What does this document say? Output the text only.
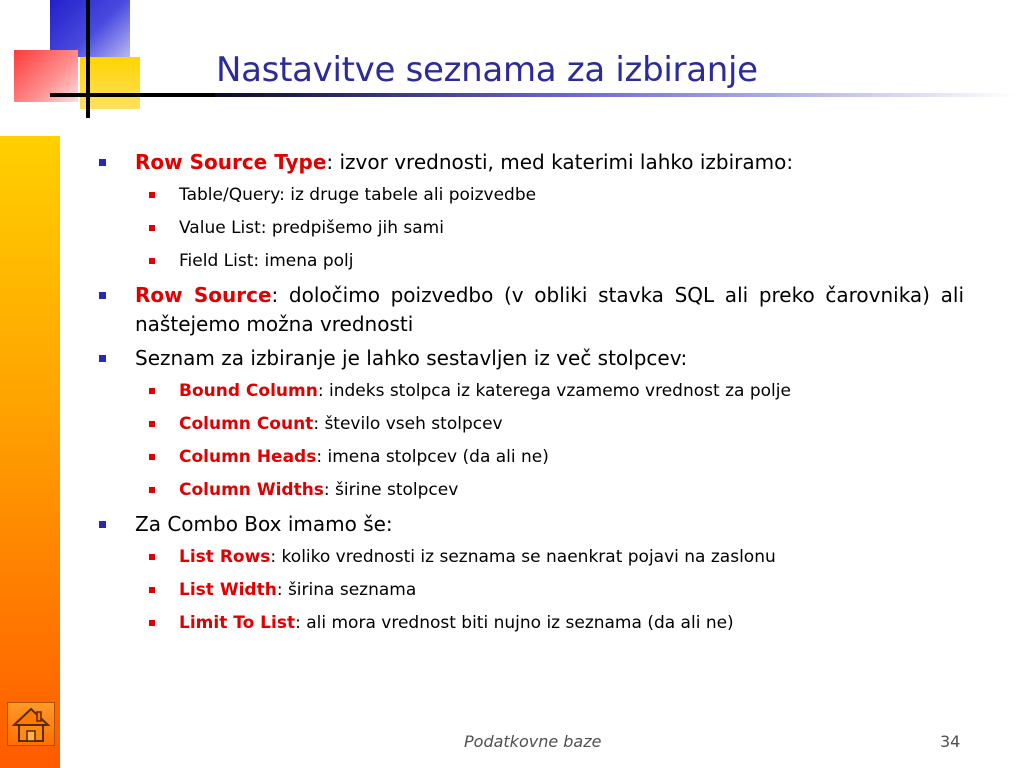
Nastavitve seznama za izbiranje
Row Source Type: izvor vrednosti, med katerimi lahko izbiramo:
Table/Query: iz druge tabele ali poizvedbe
Value List: predpišemo jih sami
Field List: imena polj
Row Source: določimo poizvedbo (v obliki stavka SQL ali preko čarovnika) ali naštejemo možna vrednosti
Seznam za izbiranje je lahko sestavljen iz več stolpcev:
Bound Column: indeks stolpca iz katerega vzamemo vrednost za polje
Column Count: število vseh stolpcev
Column Heads: imena stolpcev (da ali ne)
Column Widths: širine stolpcev
Za Combo Box imamo še:
List Rows: koliko vrednosti iz seznama se naenkrat pojavi na zaslonu
List Width: širina seznama
Limit To List: ali mora vrednost biti nujno iz seznama (da ali ne)
Podatkovne baze	34
